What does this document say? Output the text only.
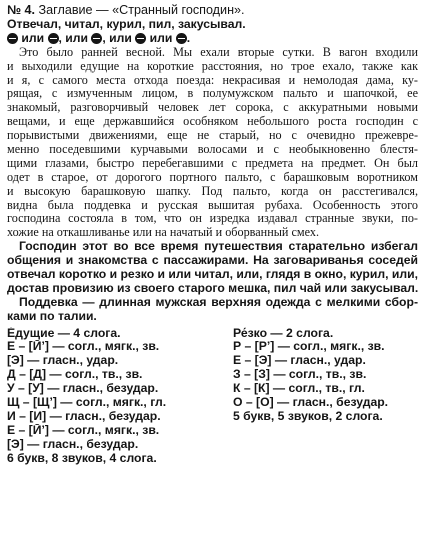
№ 4. Заглавие — «Странный господин».
Отвечал, читал, курил, пил, закусывал.
или , или , или  или .
Это было ранней весной. Мы ехали вторые сутки. В вагон входили
и выходили едущие на короткие расстояния, но трое ехало, также как
и я, с самого места отхода поезда: некрасивая и немолодая дама, ку-
рящая, с измученным лицом, в полумужском пальто и шапочкой, ее
знакомый, разговорчивый человек лет сорока, с аккуратными новыми
вещами, и еще державшийся особняком небольшого роста господин с
порывистыми движениями, еще не старый, но с очевидно прежевре-
менно поседевшими курчавыми волосами и с необыкновенно блестя-
щими глазами, быстро перебегавшими с предмета на предмет. Он был
одет в старое, от дорогого портного пальто, с барашковым воротником
и высокую барашковую шапку. Под пальто, когда он расстегивался,
видна была поддевка и русская вышитая рубаха. Особенность этого
господина состояла в том, что он изредка издавал странные звуки, по-
хожие на откашливанье или на начатый и оборванный смех.
Господин этот во все время путешествия старательно избегал
общения и знакомства с пассажирами. На заговариванья соседей
отвечал коротко и резко и или читал, или, глядя в окно, курил, или,
достав провизию из своего старого мешка, пил чай или закусывал.
Поддевка — длинная мужская верхняя одежда с мелкими сбор-
ками по талии.
Е́дущие — 4 слога.
Е – [Й’] — согл., мягк., зв.
[Э] — гласн., удар.
Д – [Д] — согл., тв., зв.
У – [У] — гласн., безудар.
Щ – [Щ’] — согл., мягк., гл.
И – [И] — гласн., безудар.
Е – [Й’] — согл., мягк., зв.
[Э] — гласн., безудар.
6 букв, 8 звуков, 4 слога.
Ре́зко — 2 слога.
Р – [Р’] — согл., мягк., зв.
Е – [Э] — гласн., удар.
З – [З] — согл., тв., зв.
К – [К] — согл., тв., гл.
О – [О] — гласн., безудар.
5 букв, 5 звуков, 2 слога.
